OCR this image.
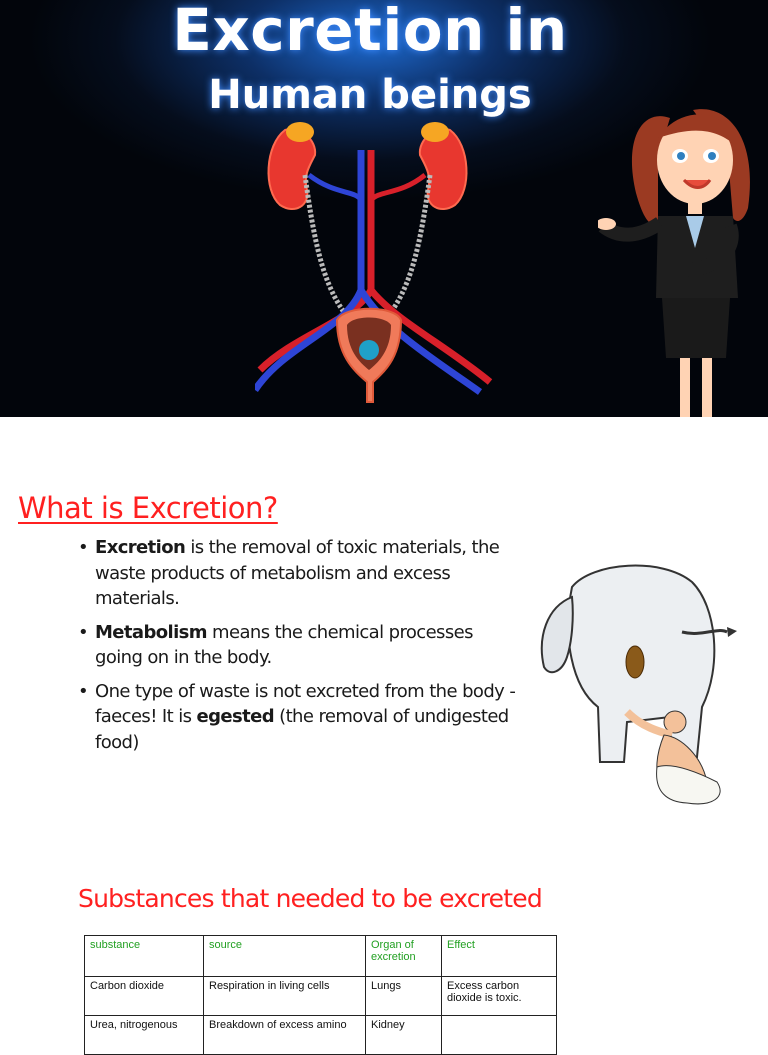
Excretion in
Human beings
What is Excretion?
• Excretion is the removal of toxic materials, the waste products of metabolism and excess materials.
• Metabolism means the chemical processes going on in the body.
• One type of waste is not excreted from the body - faeces! It is egested (the removal of undigested food)
Substances that needed to be excreted
substance	source	Organ of excretion	Effect
Carbon dioxide	Respiration in living cells	Lungs	Excess carbon dioxide is toxic.
Urea, nitrogenous	Breakdown of excess amino	Kidney	
